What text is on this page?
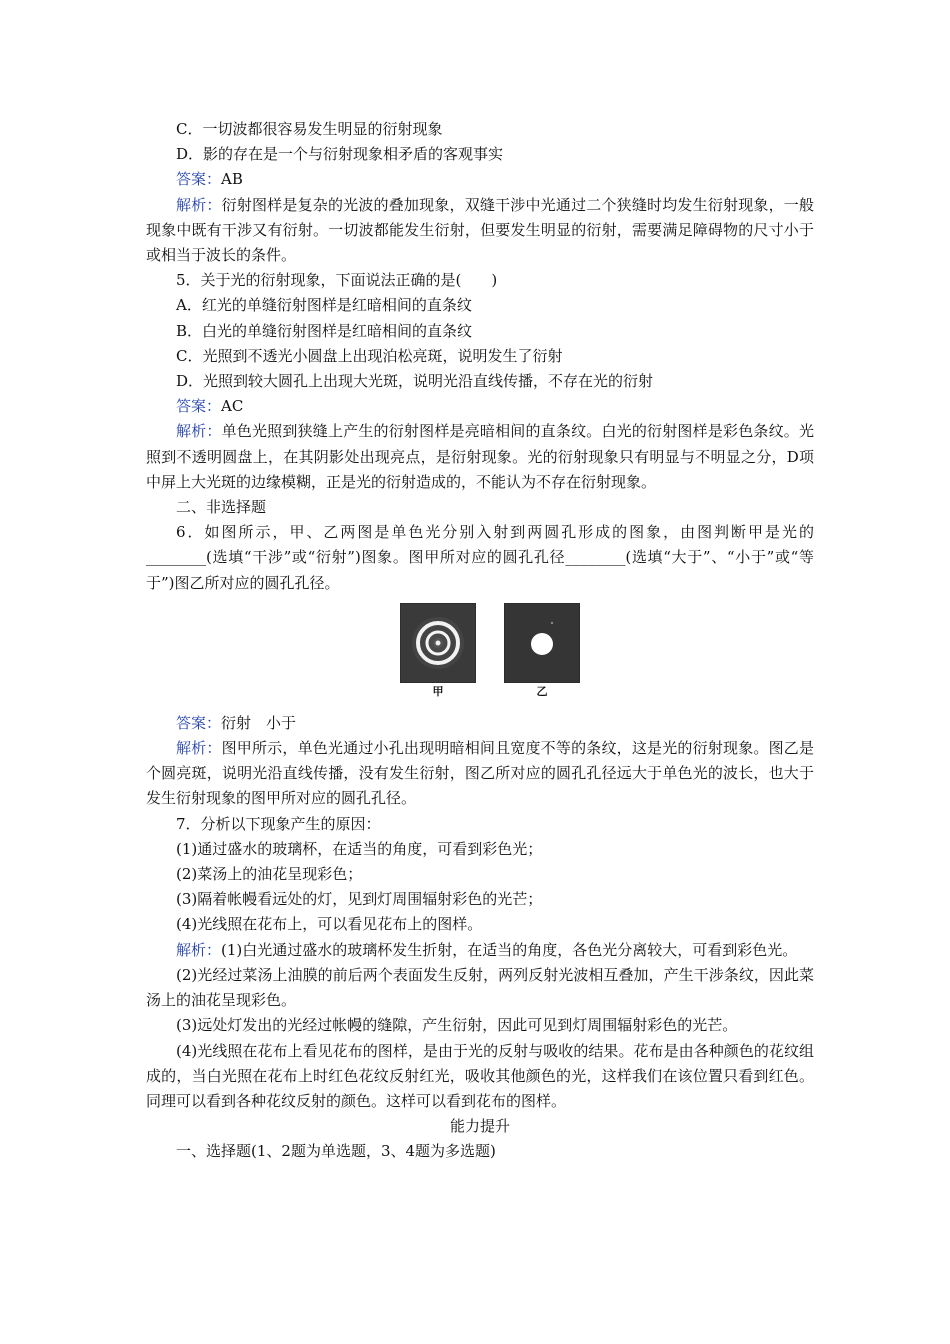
C．一切波都很容易发生明显的衍射现象
D．影的存在是一个与衍射现象相矛盾的客观事实
答案：AB
解析：衍射图样是复杂的光波的叠加现象，双缝干涉中光通过二个狭缝时均发生衍射现象，一般现象中既有干涉又有衍射。一切波都能发生衍射，但要发生明显的衍射，需要满足障碍物的尺寸小于或相当于波长的条件。
5．关于光的衍射现象，下面说法正确的是(　　)
A．红光的单缝衍射图样是红暗相间的直条纹
B．白光的单缝衍射图样是红暗相间的直条纹
C．光照到不透光小圆盘上出现泊松亮斑，说明发生了衍射
D．光照到较大圆孔上出现大光斑，说明光沿直线传播，不存在光的衍射
答案：AC
解析：单色光照到狭缝上产生的衍射图样是亮暗相间的直条纹。白光的衍射图样是彩色条纹。光照到不透明圆盘上，在其阴影处出现亮点，是衍射现象。光的衍射现象只有明显与不明显之分，D项中屏上大光斑的边缘模糊，正是光的衍射造成的，不能认为不存在衍射现象。
二、非选择题
6．如图所示，甲、乙两图是单色光分别入射到两圆孔形成的图象，由图判断甲是光的________(选填“干涉”或“衍射”)图象。图甲所对应的圆孔孔径________(选填“大于”、“小于”或“等于”)图乙所对应的圆孔孔径。
甲	乙
答案：衍射　小于
解析：图甲所示，单色光通过小孔出现明暗相间且宽度不等的条纹，这是光的衍射现象。图乙是个圆亮斑，说明光沿直线传播，没有发生衍射，图乙所对应的圆孔孔径远大于单色光的波长，也大于发生衍射现象的图甲所对应的圆孔孔径。
7．分析以下现象产生的原因：
(1)通过盛水的玻璃杯，在适当的角度，可看到彩色光；
(2)菜汤上的油花呈现彩色；
(3)隔着帐幔看远处的灯，见到灯周围辐射彩色的光芒；
(4)光线照在花布上，可以看见花布上的图样。
解析：(1)白光通过盛水的玻璃杯发生折射，在适当的角度，各色光分离较大，可看到彩色光。
(2)光经过菜汤上油膜的前后两个表面发生反射，两列反射光波相互叠加，产生干涉条纹，因此菜汤上的油花呈现彩色。
(3)远处灯发出的光经过帐幔的缝隙，产生衍射，因此可见到灯周围辐射彩色的光芒。
(4)光线照在花布上看见花布的图样，是由于光的反射与吸收的结果。花布是由各种颜色的花纹组成的，当白光照在花布上时红色花纹反射红光，吸收其他颜色的光，这样我们在该位置只看到红色。同理可以看到各种花纹反射的颜色。这样可以看到花布的图样。
能力提升
一、选择题(1、2题为单选题，3、4题为多选题)
